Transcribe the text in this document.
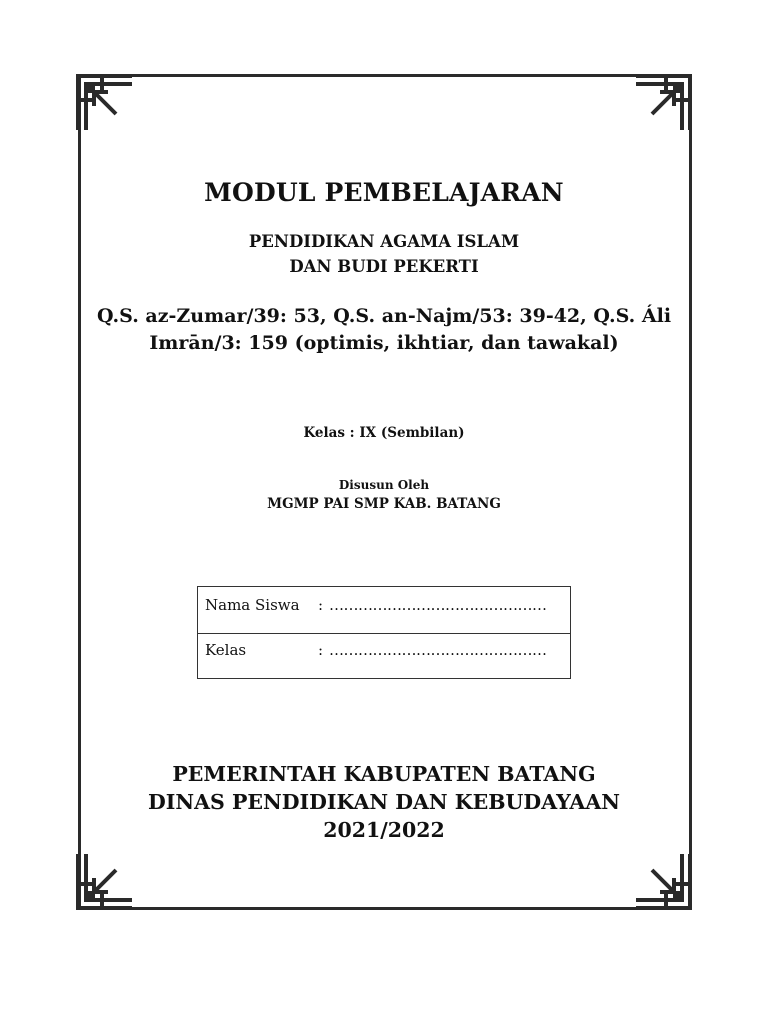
MODUL PEMBELAJARAN
PENDIDIKAN AGAMA ISLAM
DAN BUDI PEKERTI
Q.S. az-Zumar/39: 53, Q.S. an-Najm/53: 39-42, Q.S. Áli
Imrān/3: 159 (optimis, ikhtiar, dan tawakal)
Kelas : IX (Sembilan)
Disusun Oleh
MGMP PAI SMP KAB. BATANG
Nama Siswa : ………………………………………
Kelas	: ………………………………………
PEMERINTAH KABUPATEN BATANG
DINAS PENDIDIKAN DAN KEBUDAYAAN
2021/2022
